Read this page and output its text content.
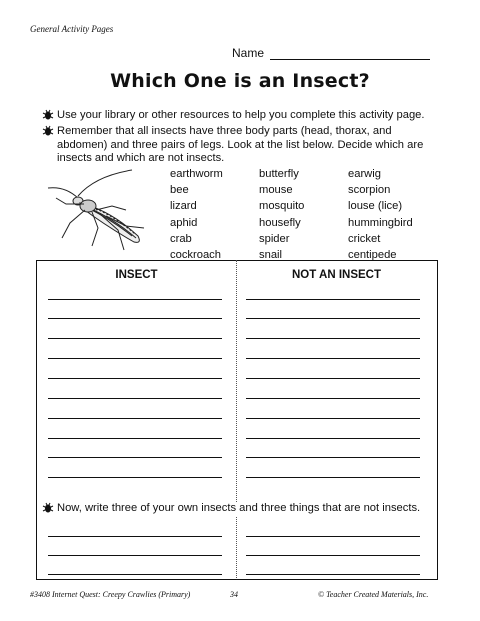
General Activity Pages
Name
Which One is an Insect?
Use your library or other resources to help you complete this activity page.
Remember that all insects have three body parts (head, thorax, and abdomen) and three pairs of legs. Look at the list below. Decide which are insects and which are not insects.
earthworm	butterfly	earwig
bee	mouse	scorpion
lizard	mosquito	louse (lice)
aphid	housefly	hummingbird
crab	spider	cricket
cockroach	snail	centipede
INSECT	NOT AN INSECT
Now, write three of your own insects and three things that are not insects.
#3408 Internet Quest: Creepy Crawlies (Primary)	34	© Teacher Created Materials, Inc.
